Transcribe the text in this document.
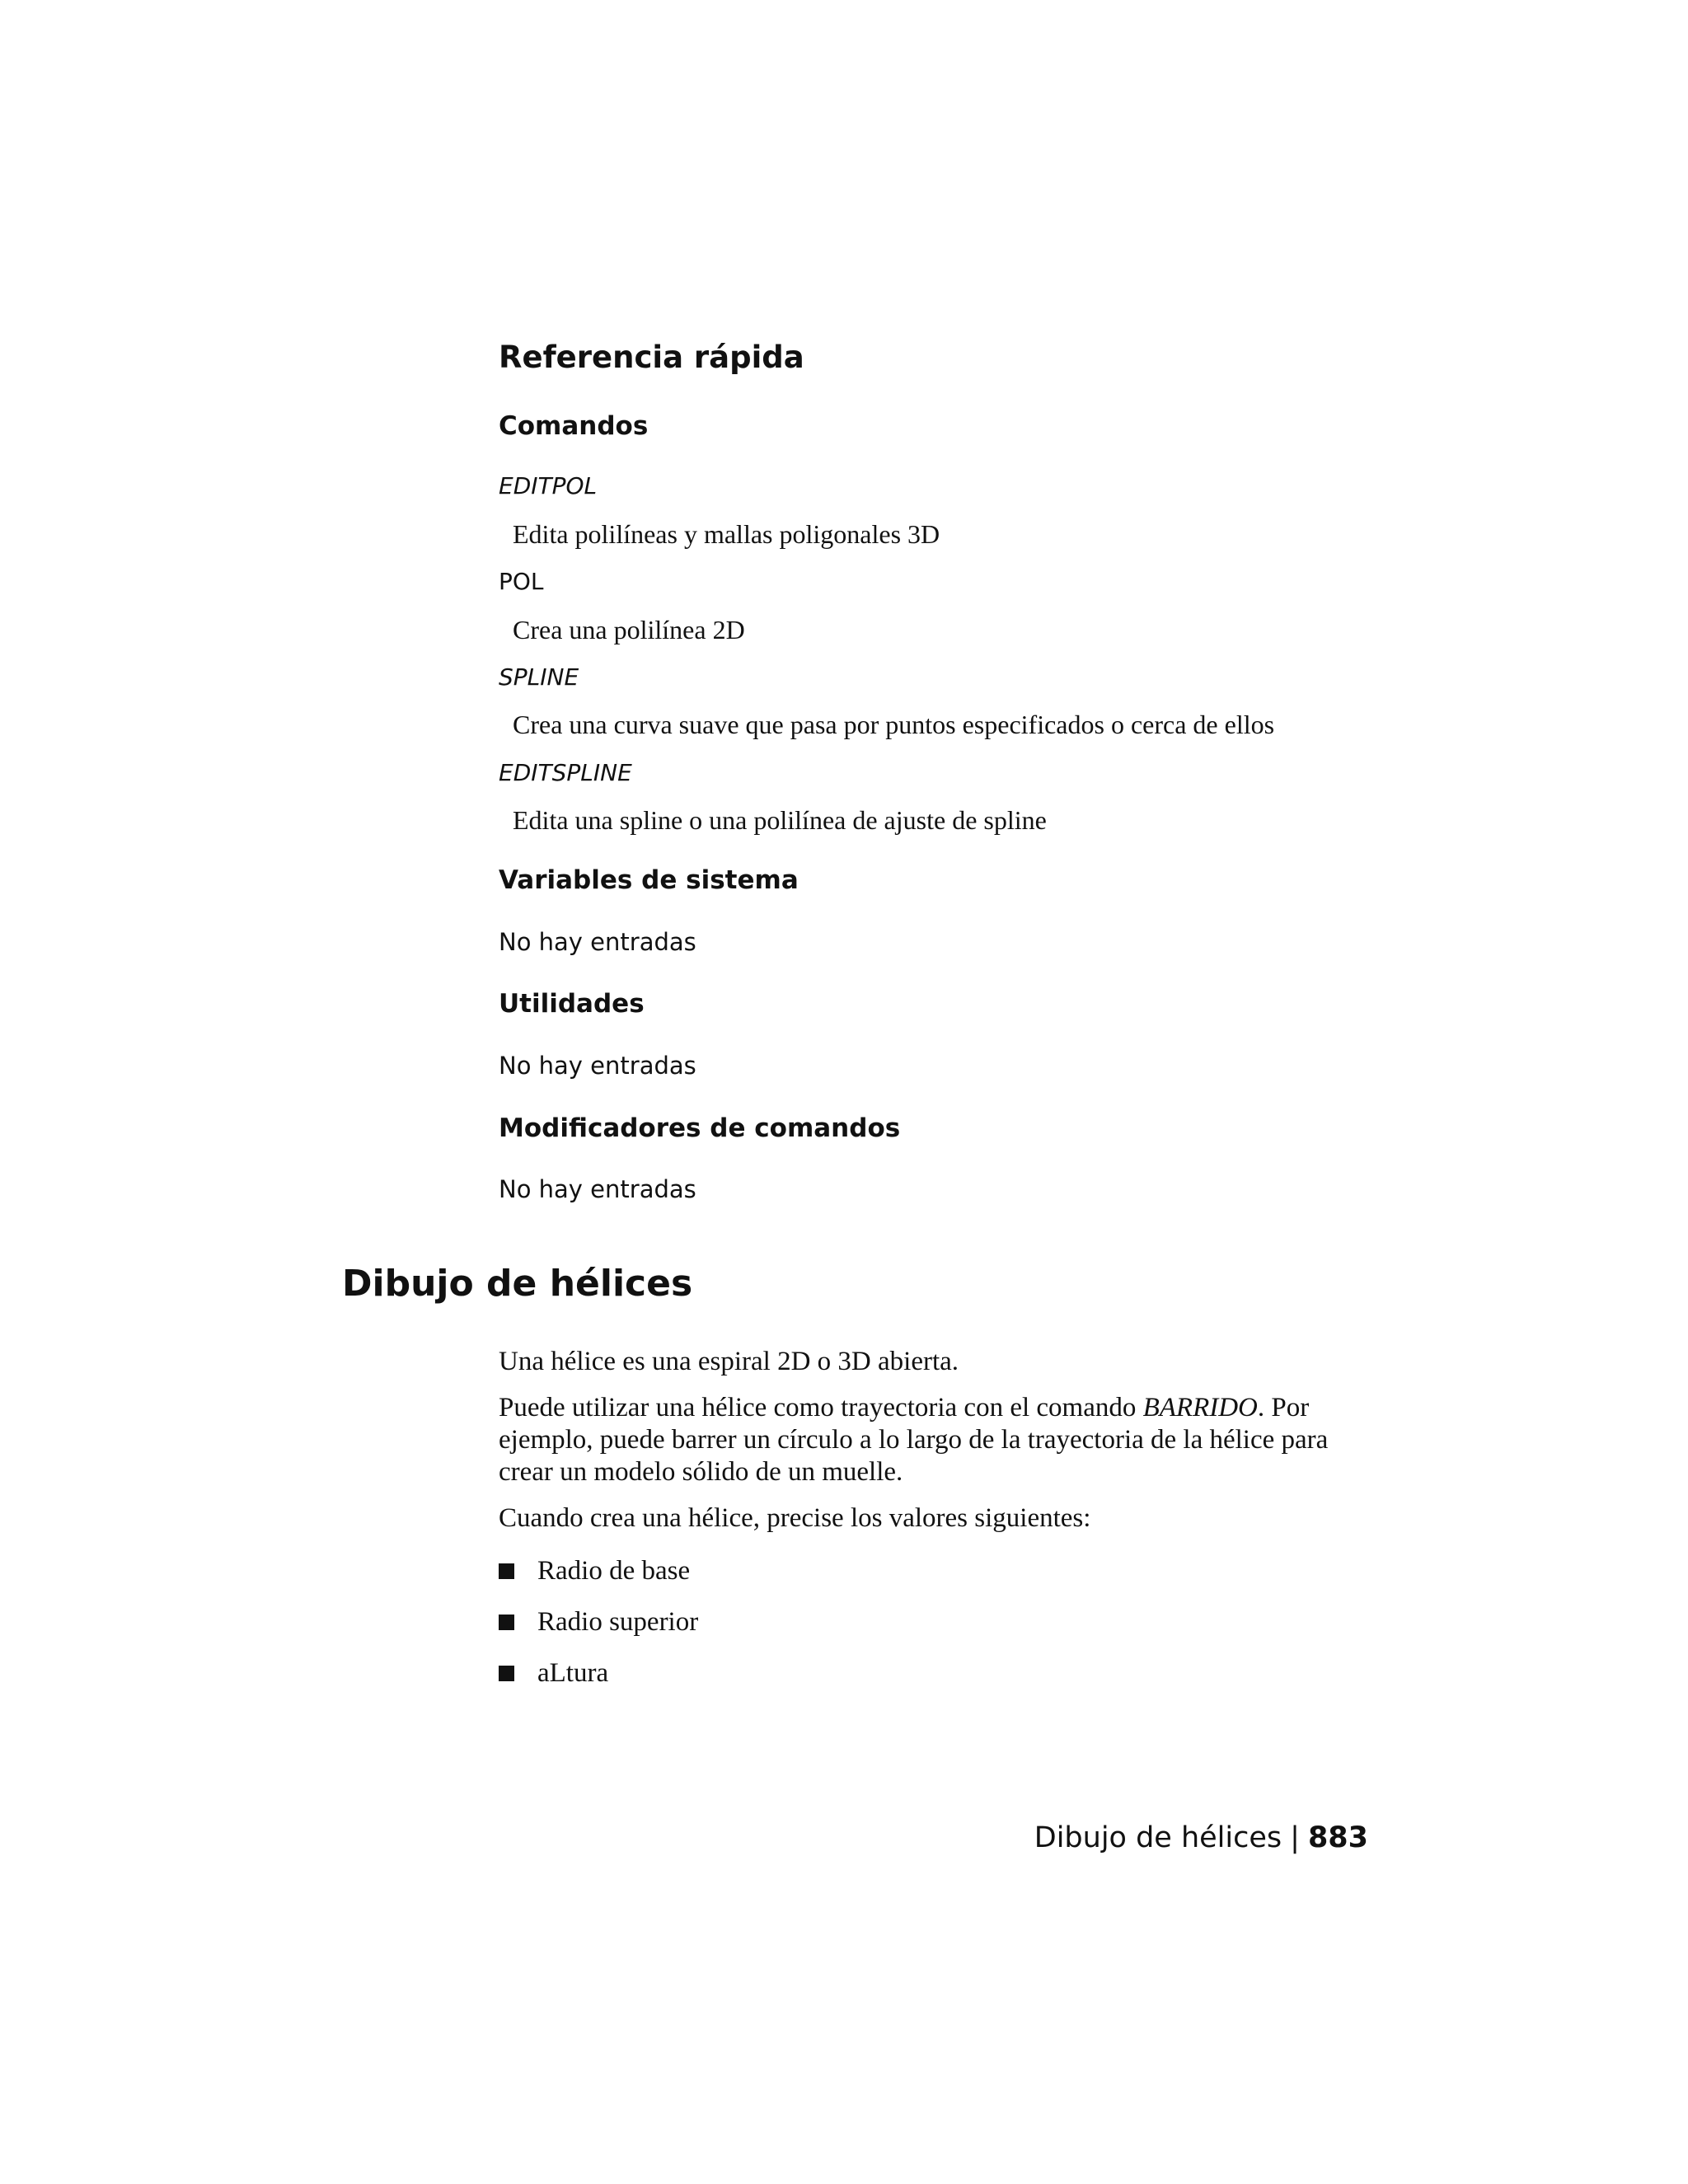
Referencia rápida
Comandos
EDITPOL
Edita polilíneas y mallas poligonales 3D
POL
Crea una polilínea 2D
SPLINE
Crea una curva suave que pasa por puntos especificados o cerca de ellos
EDITSPLINE
Edita una spline o una polilínea de ajuste de spline
Variables de sistema
No hay entradas
Utilidades
No hay entradas
Modificadores de comandos
No hay entradas
Dibujo de hélices
Una hélice es una espiral 2D o 3D abierta.
Puede utilizar una hélice como trayectoria con el comando BARRIDO. Por ejemplo, puede barrer un círculo a lo largo de la trayectoria de la hélice para crear un modelo sólido de un muelle.
Cuando crea una hélice, precise los valores siguientes:
Radio de base
Radio superior
aLtura
Dibujo de hélices | 883
